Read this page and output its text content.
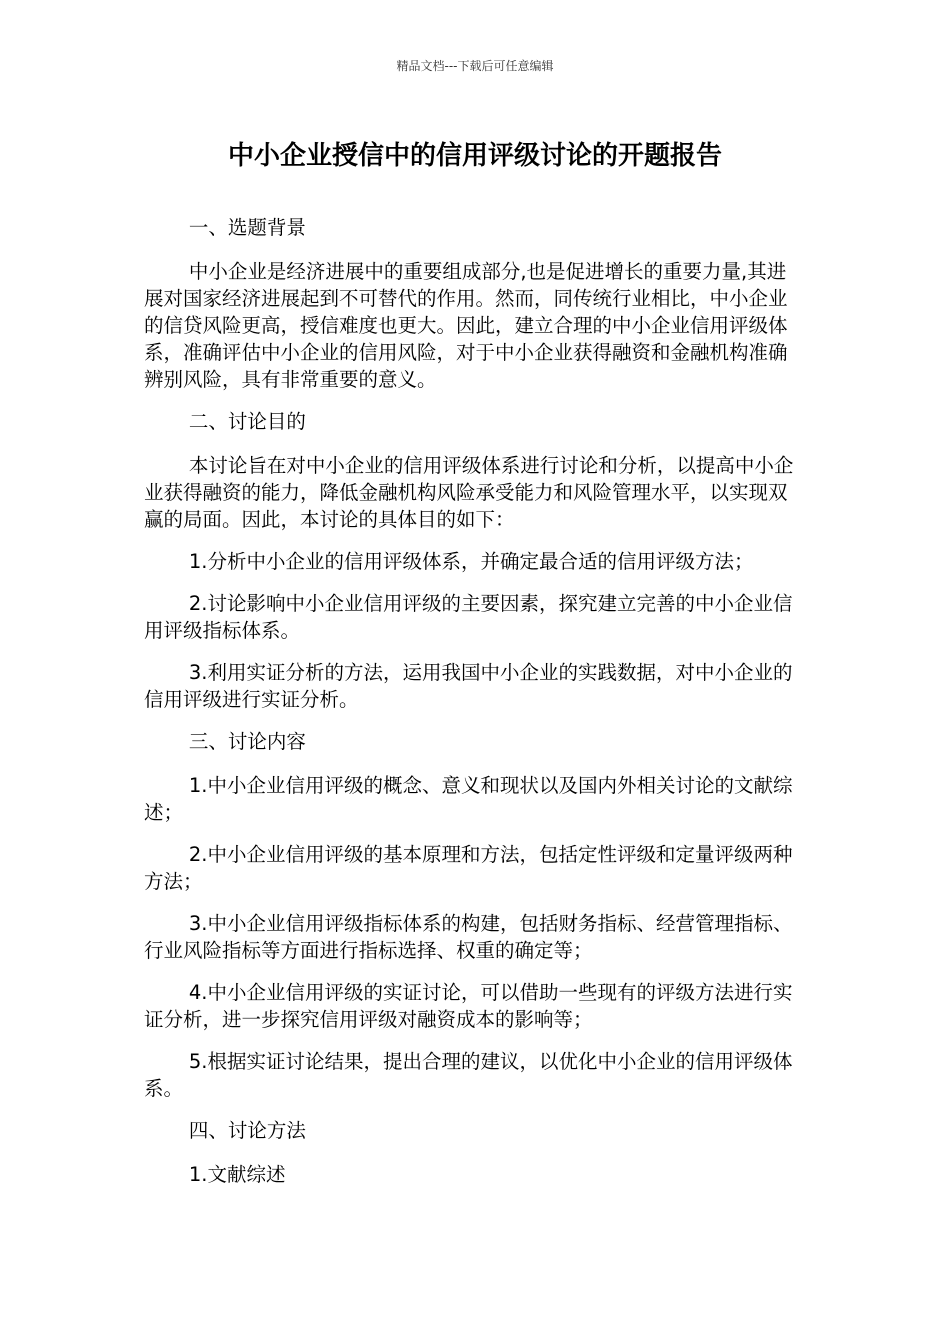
精品文档---下载后可任意编辑
中小企业授信中的信用评级讨论的开题报告

一、选题背景

中小企业是经济进展中的重要组成部分,也是促进增长的重要力量,其进展对国家经济进展起到不可替代的作用。然而，同传统行业相比，中小企业的信贷风险更高，授信难度也更大。因此，建立合理的中小企业信用评级体系，准确评估中小企业的信用风险，对于中小企业获得融资和金融机构准确辨别风险，具有非常重要的意义。

二、讨论目的

本讨论旨在对中小企业的信用评级体系进行讨论和分析，以提高中小企业获得融资的能力，降低金融机构风险承受能力和风险管理水平，以实现双赢的局面。因此，本讨论的具体目的如下：

1.分析中小企业的信用评级体系，并确定最合适的信用评级方法；

2.讨论影响中小企业信用评级的主要因素，探究建立完善的中小企业信用评级指标体系。

3.利用实证分析的方法，运用我国中小企业的实践数据，对中小企业的信用评级进行实证分析。

三、讨论内容

1.中小企业信用评级的概念、意义和现状以及国内外相关讨论的文献综述；

2.中小企业信用评级的基本原理和方法，包括定性评级和定量评级两种方法；

3.中小企业信用评级指标体系的构建，包括财务指标、经营管理指标、行业风险指标等方面进行指标选择、权重的确定等；

4.中小企业信用评级的实证讨论，可以借助一些现有的评级方法进行实证分析，进一步探究信用评级对融资成本的影响等；

5.根据实证讨论结果，提出合理的建议，以优化中小企业的信用评级体系。

四、讨论方法

1.文献综述
